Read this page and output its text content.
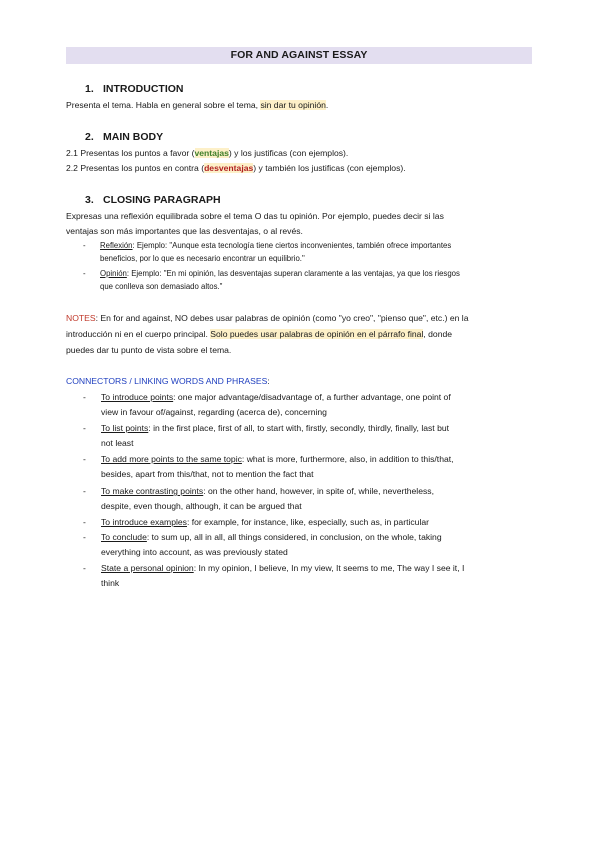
FOR AND AGAINST ESSAY
1. INTRODUCTION
Presenta el tema. Habla en general sobre el tema, sin dar tu opinión.
2. MAIN BODY
2.1 Presentas los puntos a favor (ventajas) y los justificas (con ejemplos).
2.2 Presentas los puntos en contra (desventajas) y también los justificas (con ejemplos).
3. CLOSING PARAGRAPH
Expresas una reflexión equilibrada sobre el tema O das tu opinión. Por ejemplo, puedes decir si las
ventajas son más importantes que las desventajas, o al revés.
- Reflexión: Ejemplo: "Aunque esta tecnología tiene ciertos inconvenientes, también ofrece importantes
beneficios, por lo que es necesario encontrar un equilibrio."
- Opinión: Ejemplo: "En mi opinión, las desventajas superan claramente a las ventajas, ya que los riesgos
que conlleva son demasiado altos."
NOTES: En for and against, NO debes usar palabras de opinión (como "yo creo", "pienso que", etc.) en la
introducción ni en el cuerpo principal. Solo puedes usar palabras de opinión en el párrafo final, donde
puedes dar tu punto de vista sobre el tema.
CONNECTORS / LINKING WORDS AND PHRASES:
- To introduce points: one major advantage/disadvantage of, a further advantage, one point of
view in favour of/against, regarding (acerca de), concerning
- To list points: in the first place, first of all, to start with, firstly, secondly, thirdly, finally, last but
not least
- To add more points to the same topic: what is more, furthermore, also, in addition to this/that,
besides, apart from this/that, not to mention the fact that
- To make contrasting points: on the other hand, however, in spite of, while, nevertheless,
despite, even though, although, it can be argued that
- To introduce examples: for example, for instance, like, especially, such as, in particular
- To conclude: to sum up, all in all, all things considered, in conclusion, on the whole, taking
everything into account, as was previously stated
- State a personal opinion: In my opinion, I believe, In my view, It seems to me, The way I see it, I
think
